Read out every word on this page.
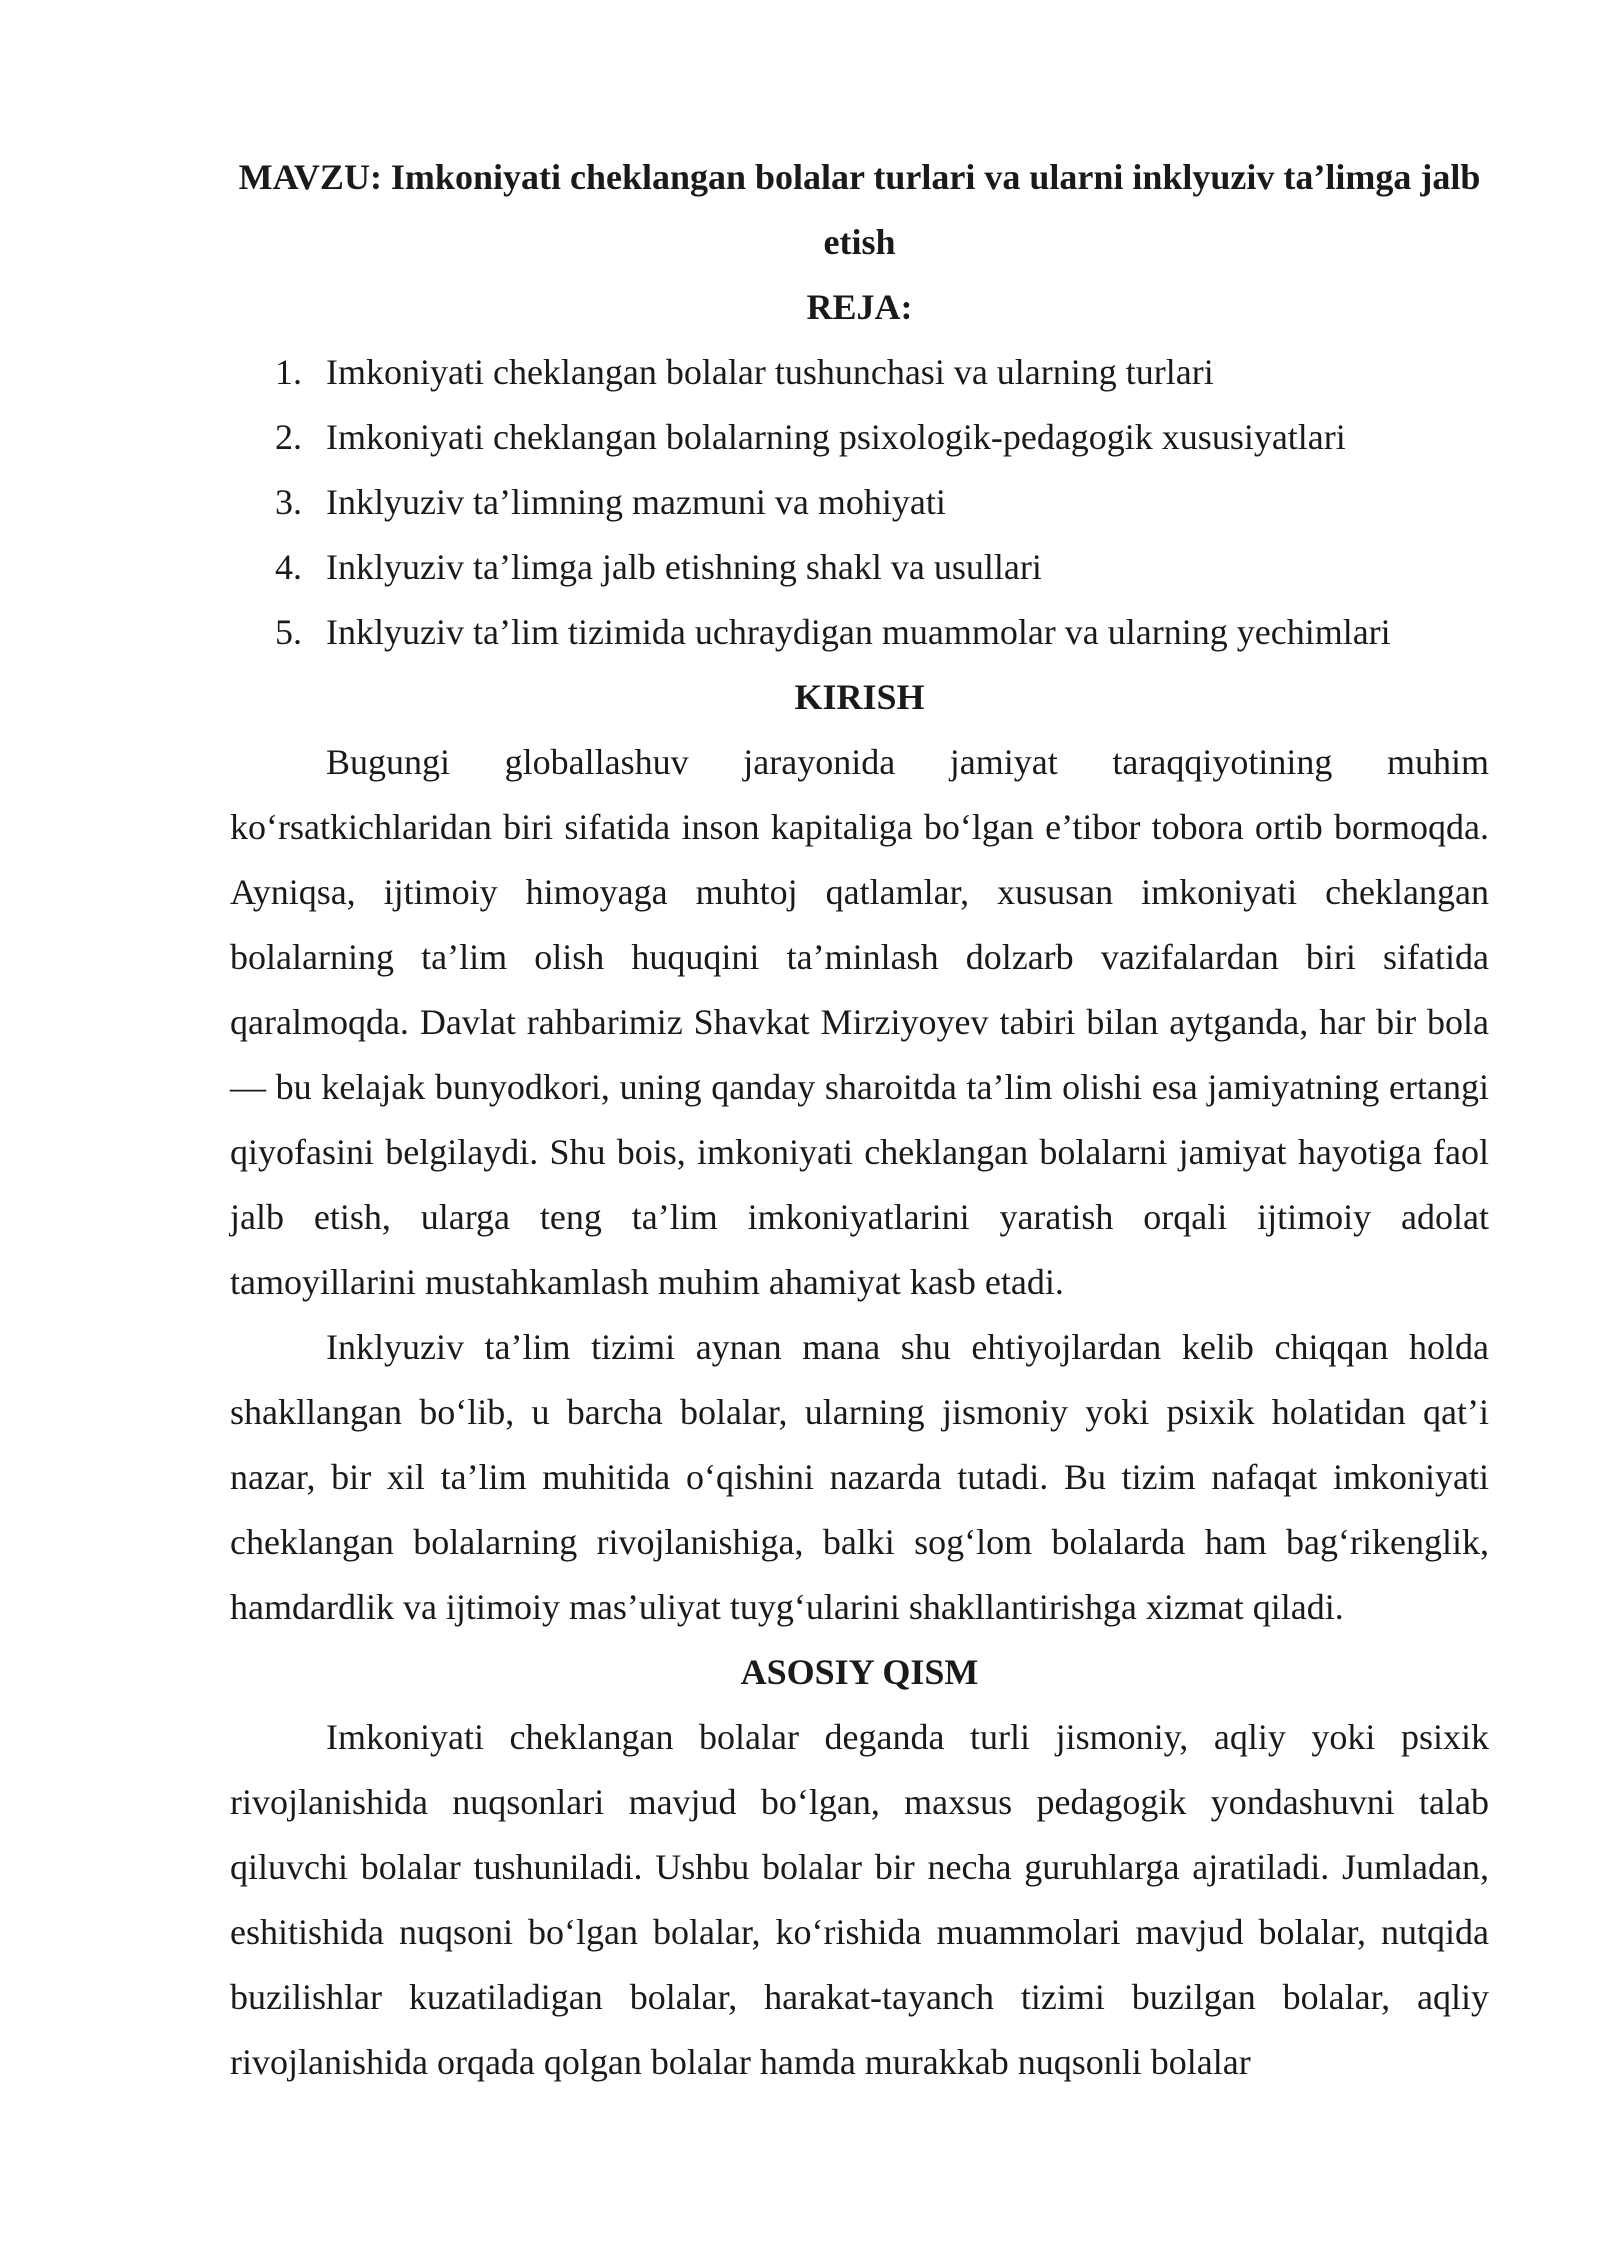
MAVZU: Imkoniyati cheklangan bolalar turlari va ularni inklyuziv ta’limga jalb etish
REJA:
1. Imkoniyati cheklangan bolalar tushunchasi va ularning turlari
2. Imkoniyati cheklangan bolalarning psixologik-pedagogik xususiyatlari
3. Inklyuziv ta’limning mazmuni va mohiyati
4. Inklyuziv ta’limga jalb etishning shakl va usullari
5. Inklyuziv ta’lim tizimida uchraydigan muammolar va ularning yechimlari
KIRISH

Bugungi globallashuv jarayonida jamiyat taraqqiyotining muhim ko‘rsatkichlaridan biri sifatida inson kapitaliga bo‘lgan e’tibor tobora ortib bormoqda. Ayniqsa, ijtimoiy himoyaga muhtoj qatlamlar, xususan imkoniyati cheklangan bolalarning ta’lim olish huquqini ta’minlash dolzarb vazifalardan biri sifatida qaralmoqda. Davlat rahbarimiz Shavkat Mirziyoyev tabiri bilan aytganda, har bir bola — bu kelajak bunyodkori, uning qanday sharoitda ta’lim olishi esa jamiyatning ertangi qiyofasini belgilaydi. Shu bois, imkoniyati cheklangan bolalarni jamiyat hayotiga faol jalb etish, ularga teng ta’lim imkoniyatlarini yaratish orqali ijtimoiy adolat tamoyillarini mustahkamlash muhim ahamiyat kasb etadi.

Inklyuziv ta’lim tizimi aynan mana shu ehtiyojlardan kelib chiqqan holda shakllangan bo‘lib, u barcha bolalar, ularning jismoniy yoki psixik holatidan qat’i nazar, bir xil ta’lim muhitida o‘qishini nazarda tutadi. Bu tizim nafaqat imkoniyati cheklangan bolalarning rivojlanishiga, balki sog‘lom bolalarda ham bag‘rikenglik, hamdardlik va ijtimoiy mas’uliyat tuyg‘ularini shakllantirishga xizmat qiladi.

ASOSIY QISM

Imkoniyati cheklangan bolalar deganda turli jismoniy, aqliy yoki psixik rivojlanishida nuqsonlari mavjud bo‘lgan, maxsus pedagogik yondashuvni talab qiluvchi bolalar tushuniladi. Ushbu bolalar bir necha guruhlarga ajratiladi. Jumladan, eshitishida nuqsoni bo‘lgan bolalar, ko‘rishida muammolari mavjud bolalar, nutqida buzilishlar kuzatiladigan bolalar, harakat-tayanch tizimi buzilgan bolalar, aqliy rivojlanishida orqada qolgan bolalar hamda murakkab nuqsonli bolalar
